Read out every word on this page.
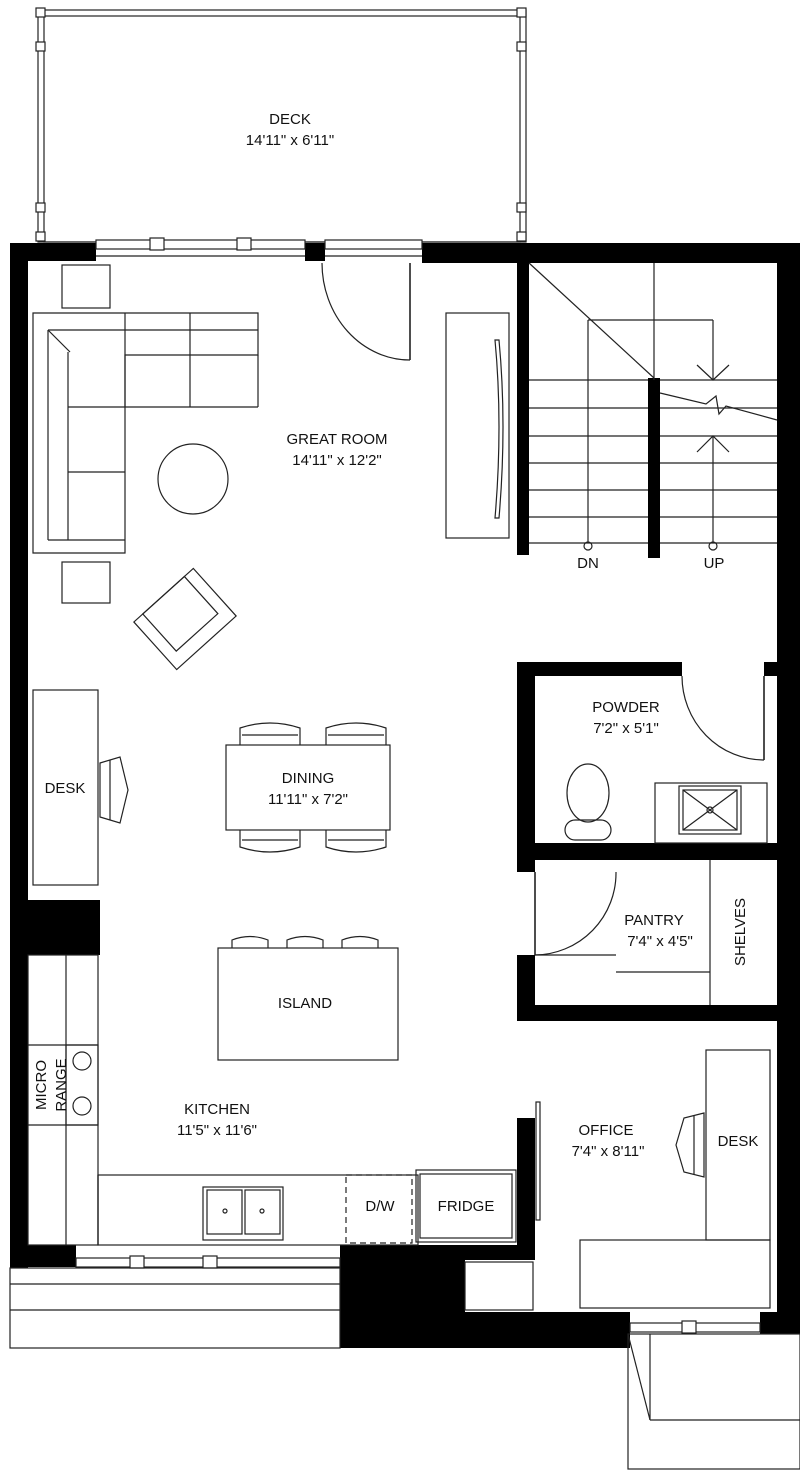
DECK
14'11" x 6'11"
GREAT ROOM
14'11" x 12'2"
DN	UP
POWDER
7'2" x 5'1"
PANTRY
7'4" x 4'5"	SHELVES
DESK
DINING
11'11" x 7'2"
ISLAND
MICRO RANGE
D/W	FRIDGE
KITCHEN
11'5" x 11'6"
DESK
OFFICE
7'4" x 8'11"
